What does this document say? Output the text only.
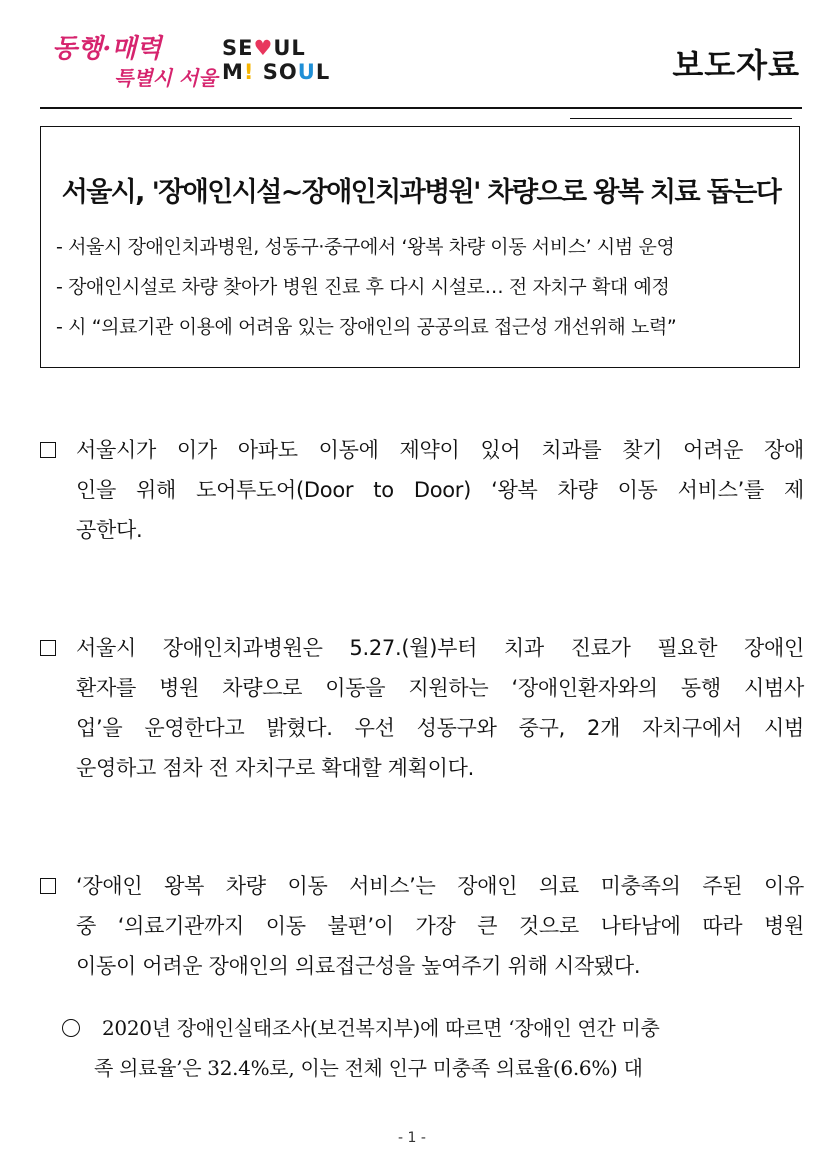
동행·매력
특별시 서울
SE♥UL
M! SOUL	보도자료
서울시, '장애인시설~장애인치과병원' 차량으로 왕복 치료 돕는다
- 서울시 장애인치과병원, 성동구·중구에서 ‘왕복 차량 이동 서비스’ 시범 운영
- 장애인시설로 차량 찾아가 병원 진료 후 다시 시설로… 전 자치구 확대 예정
- 시 “의료기관 이용에 어려움 있는 장애인의 공공의료 접근성 개선위해 노력”
서울시가 이가 아파도 이동에 제약이 있어 치과를 찾기 어려운 장애
인을 위해 도어투도어(Door to Door) ‘왕복 차량 이동 서비스’를 제
공한다.
서울시 장애인치과병원은 5.27.(월)부터 치과 진료가 필요한 장애인
환자를 병원 차량으로 이동을 지원하는 ‘장애인환자와의 동행 시범사
업’을 운영한다고 밝혔다. 우선 성동구와 중구, 2개 자치구에서 시범
운영하고 점차 전 자치구로 확대할 계획이다.
‘장애인 왕복 차량 이동 서비스’는 장애인 의료 미충족의 주된 이유
중 ‘의료기관까지 이동 불편’이 가장 큰 것으로 나타남에 따라 병원
이동이 어려운 장애인의 의료접근성을 높여주기 위해 시작됐다.
2020년 장애인실태조사(보건복지부)에 따르면 ‘장애인 연간 미충
족 의료율’은 32.4%로, 이는 전체 인구 미충족 의료율(6.6%) 대
- 1 -
